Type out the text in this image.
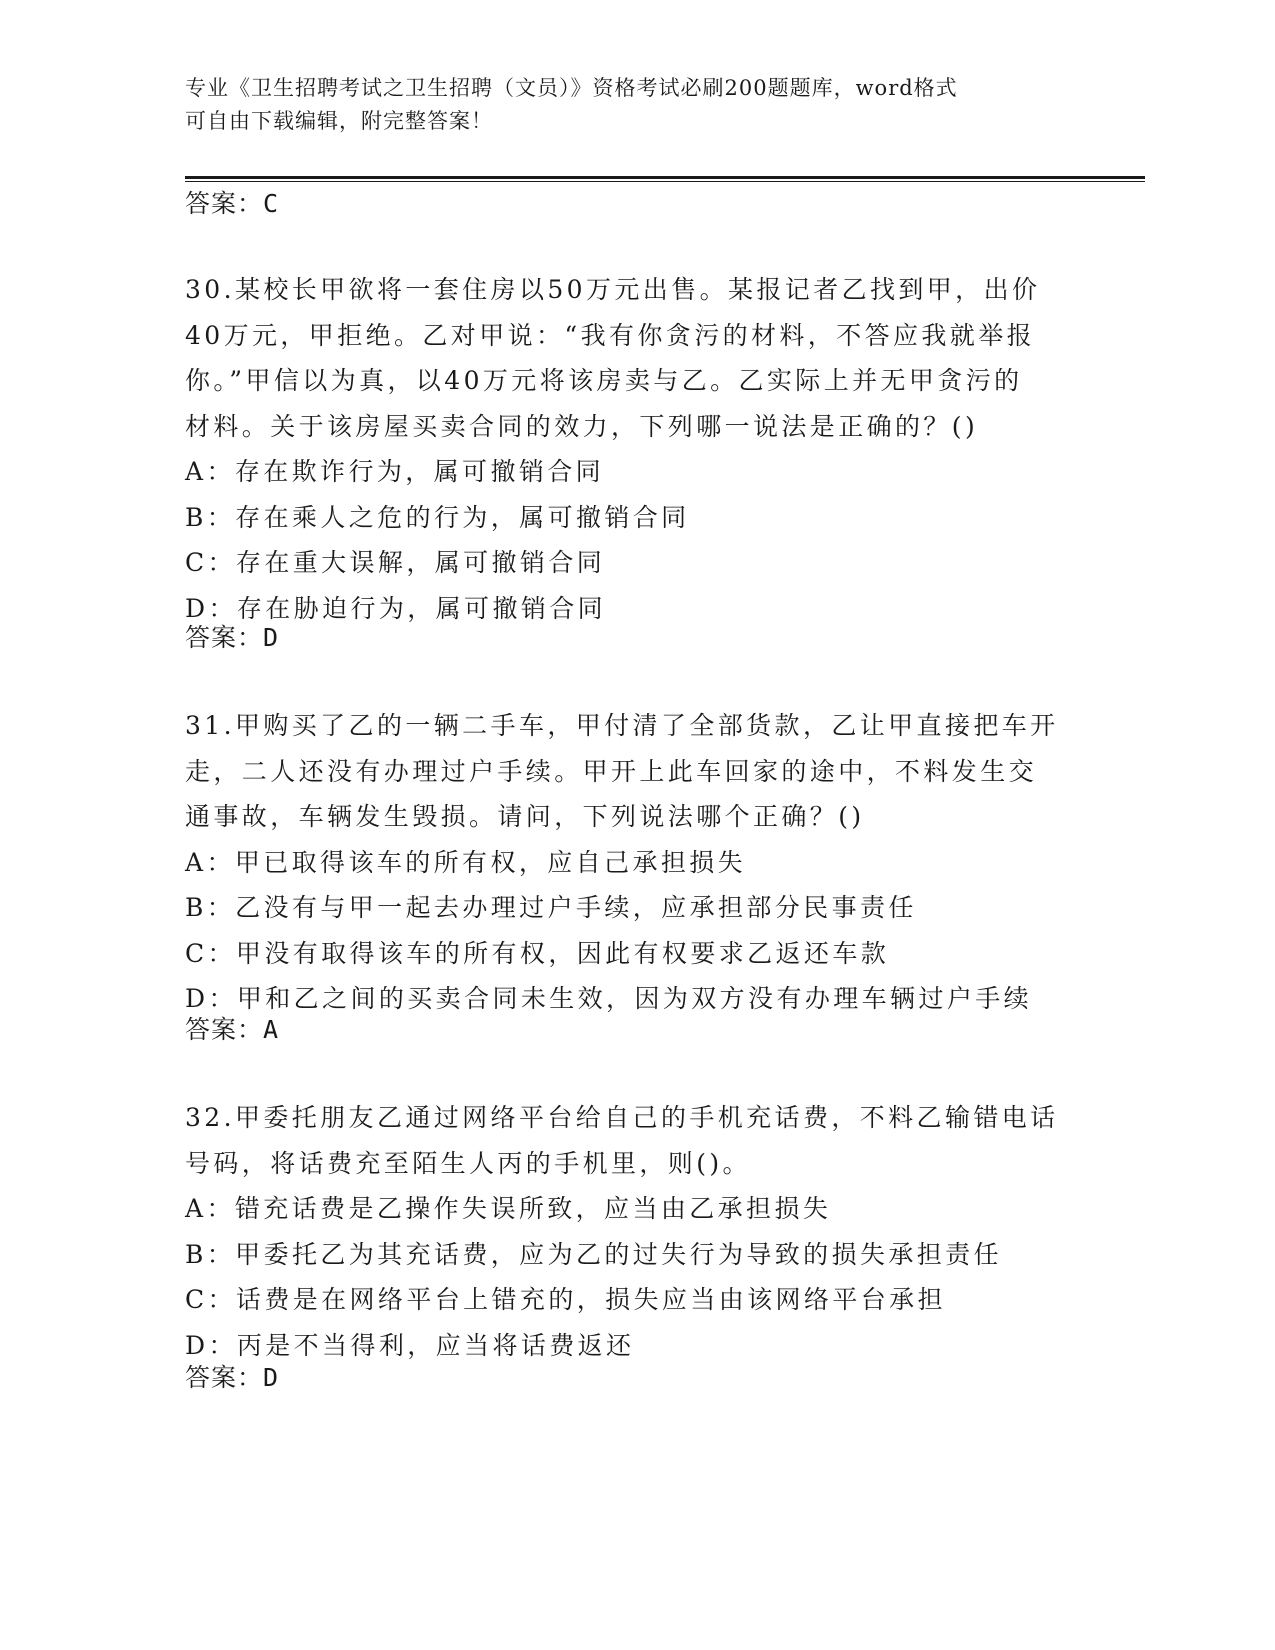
专业《卫生招聘考试之卫生招聘（文员）》资格考试必刷200题题库，word格式
可自由下载编辑，附完整答案！
答案：C
30.某校长甲欲将一套住房以50万元出售。某报记者乙找到甲，出价
40万元，甲拒绝。乙对甲说：“我有你贪污的材料，不答应我就举报
你。”甲信以为真，以40万元将该房卖与乙。乙实际上并无甲贪污的
材料。关于该房屋买卖合同的效力，下列哪一说法是正确的？()
A：存在欺诈行为，属可撤销合同
B：存在乘人之危的行为，属可撤销合同
C：存在重大误解，属可撤销合同
D：存在胁迫行为，属可撤销合同
答案：D
31.甲购买了乙的一辆二手车，甲付清了全部货款，乙让甲直接把车开
走，二人还没有办理过户手续。甲开上此车回家的途中，不料发生交
通事故，车辆发生毁损。请问，下列说法哪个正确？()
A：甲已取得该车的所有权，应自己承担损失
B：乙没有与甲一起去办理过户手续，应承担部分民事责任
C：甲没有取得该车的所有权，因此有权要求乙返还车款
D：甲和乙之间的买卖合同未生效，因为双方没有办理车辆过户手续
答案：A
32.甲委托朋友乙通过网络平台给自己的手机充话费，不料乙输错电话
号码，将话费充至陌生人丙的手机里，则()。
A：错充话费是乙操作失误所致，应当由乙承担损失
B：甲委托乙为其充话费，应为乙的过失行为导致的损失承担责任
C：话费是在网络平台上错充的，损失应当由该网络平台承担
D：丙是不当得利，应当将话费返还
答案：D
